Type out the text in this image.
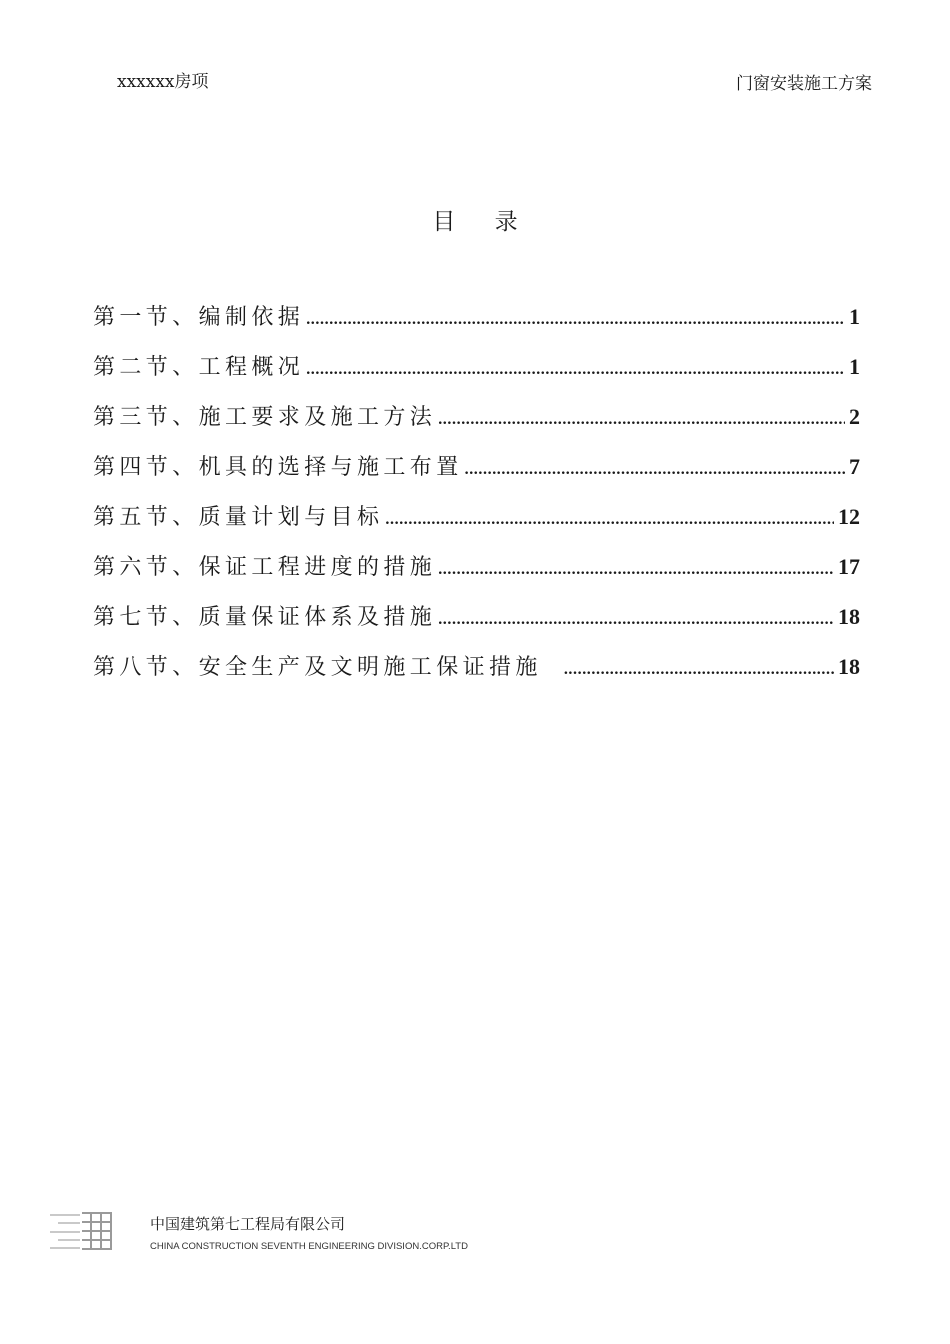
xxxxxx房项	门窗安装施工方案
目 录
第一节、编制依据 .....	1
第二节、工程概况 .....	1
第三节、施工要求及施工方法 .....	2
第四节、机具的选择与施工布置 .....	7
第五节、质量计划与目标 .....	12
第六节、保证工程进度的措施 .....	17
第七节、质量保证体系及措施 .....	18
第八节、安全生产及文明施工保证措施 .....	18
中国建筑第七工程局有限公司
CHINA CONSTRUCTION SEVENTH ENGINEERING DIVISION.CORP.LTD
